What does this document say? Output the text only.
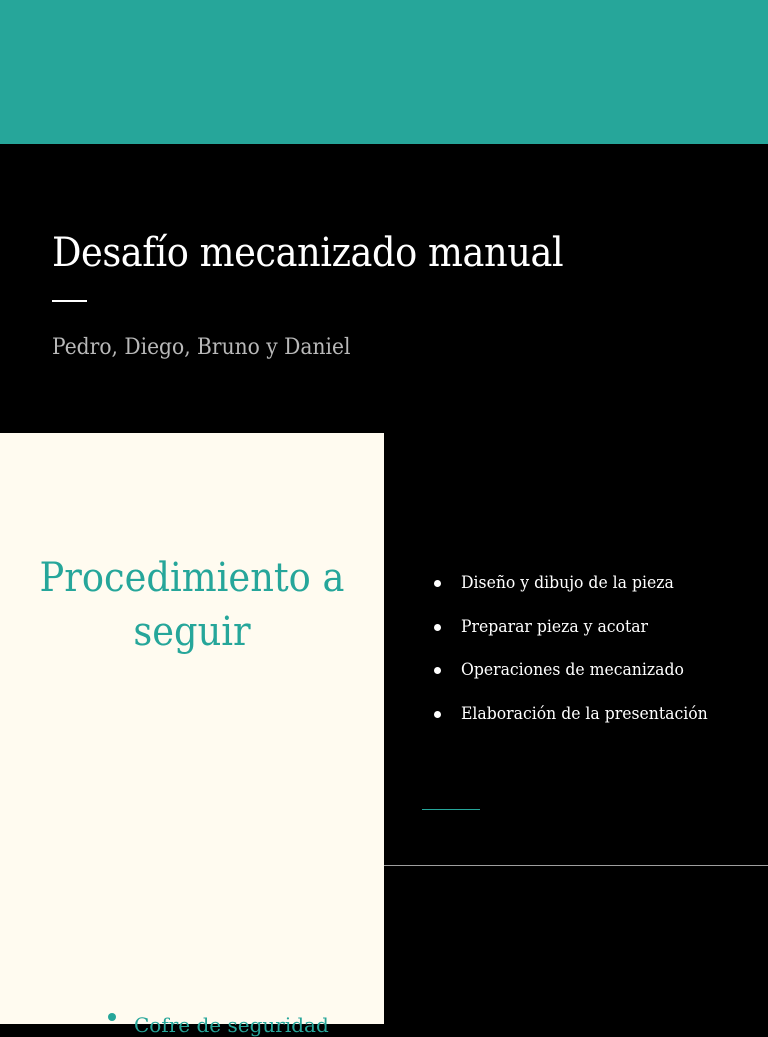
Desafío mecanizado manual
Pedro, Diego, Bruno y Daniel
Procedimiento a seguir
Cofre de seguridad
Diseño y dibujo de la pieza
Preparar pieza y acotar
Operaciones de mecanizado
Elaboración de la presentación
